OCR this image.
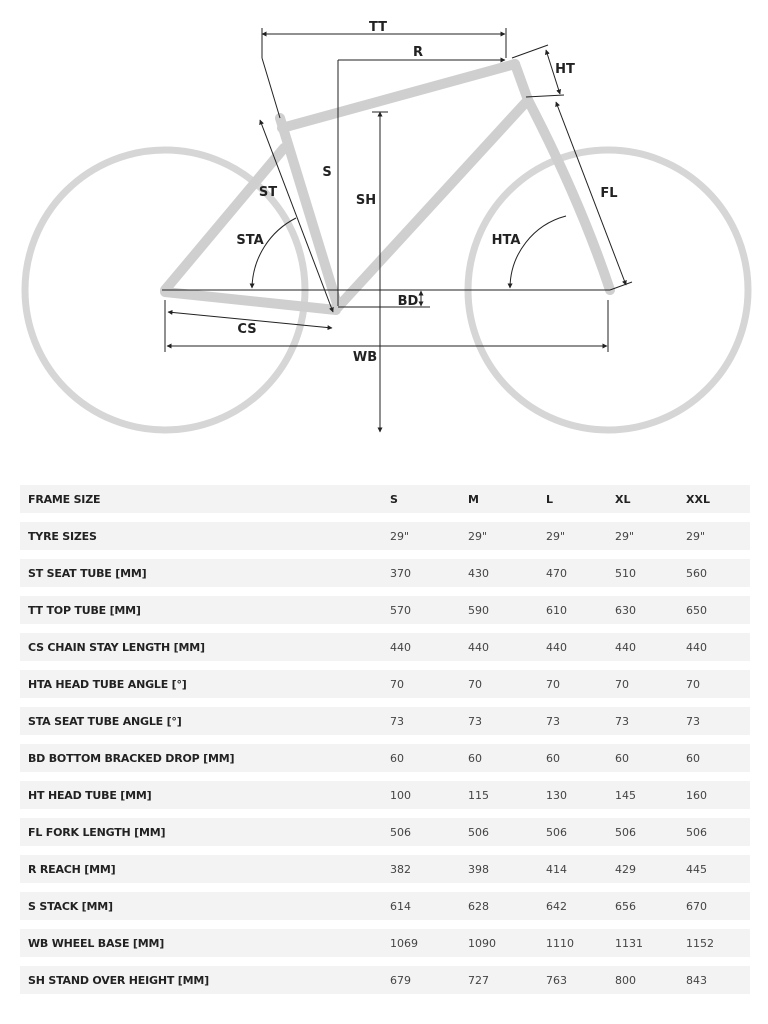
TT
R
HT
S
ST
SH	FL
STA	HTA
BD
CS
WB
FRAME SIZE	S	M	L	XL	XXL
TYRE SIZES	29"	29"	29"	29"	29"
ST SEAT TUBE [MM]	370	430	470	510	560
TT TOP TUBE [MM]	570	590	610	630	650
CS CHAIN STAY LENGTH [MM]	440	440	440	440	440
HTA HEAD TUBE ANGLE [°]	70	70	70	70	70
STA SEAT TUBE ANGLE [°]	73	73	73	73	73
BD BOTTOM BRACKED DROP [MM]	60	60	60	60	60
HT HEAD TUBE [MM]	100	115	130	145	160
FL FORK LENGTH [MM]	506	506	506	506	506
R REACH [MM]	382	398	414	429	445
S STACK [MM]	614	628	642	656	670
WB WHEEL BASE [MM]	1069	1090	1110	1131	1152
SH STAND OVER HEIGHT [MM]	679	727	763	800	843
